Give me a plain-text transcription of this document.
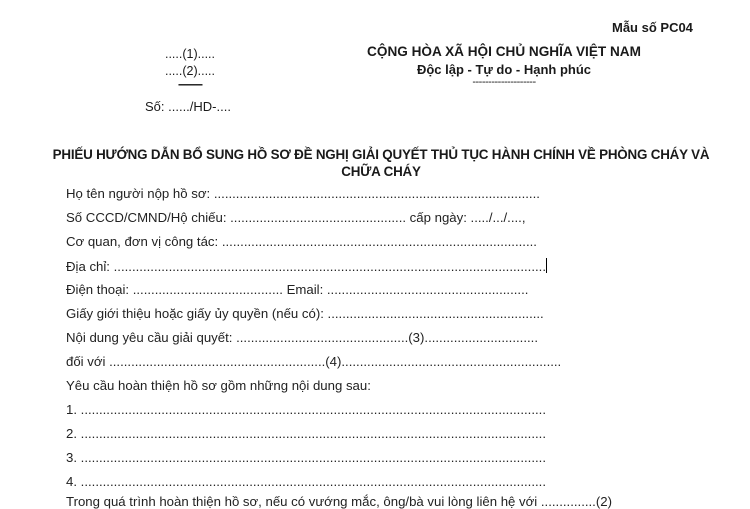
Mẫu số PC04
.....(1).....
.....(2).....
--------
Số: ....../HD-....
CỘNG HÒA XÃ HỘI CHỦ NGHĨA VIỆT NAM
Độc lập - Tự do - Hạnh phúc
--------------------
PHIẾU HƯỚNG DẪN BỔ SUNG HỒ SƠ ĐỀ NGHỊ GIẢI QUYẾT THỦ TỤC HÀNH CHÍNH VỀ PHÒNG CHÁY VÀ CHỮA CHÁY
Họ tên người nộp hồ sơ: .........................................................................................
Số CCCD/CMND/Hộ chiếu: ................................................ cấp ngày: ...../.../....,
Cơ quan, đơn vị công tác: ......................................................................................
Địa chỉ: ......................................................................................................................
Điện thoại: ......................................... Email: .......................................................
Giấy giới thiệu hoặc giấy ủy quyền (nếu có): ...........................................................
Nội dung yêu cầu giải quyết: ...............................................(3)...............................
đối với ...........................................................(4)............................................................
Yêu cầu hoàn thiện hồ sơ gồm những nội dung sau:
1. ...............................................................................................................................
2. ...............................................................................................................................
3. ...............................................................................................................................
4. ...............................................................................................................................
Trong quá trình hoàn thiện hồ sơ, nếu có vướng mắc, ông/bà vui lòng liên hệ với ...............(2)
